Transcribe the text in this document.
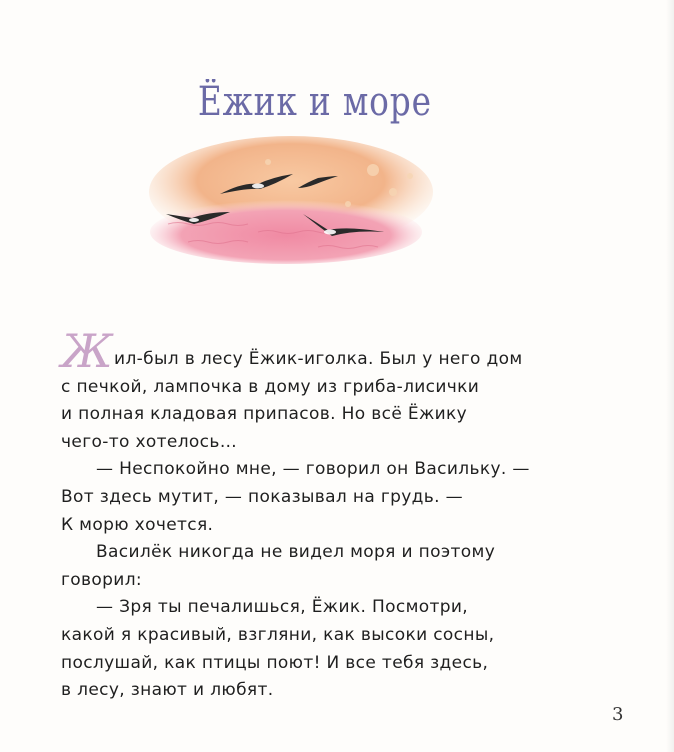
Ёжик и море
Жил-был в лесу Ёжик-иголка. Был у него дом
с печкой, лампочка в дому из гриба-лисички
и полная кладовая припасов. Но всё Ёжику
чего-то хотелось…
— Неспокойно мне, — говорил он Васильку. —
Вот здесь мутит, — показывал на грудь. —
К морю хочется.
Василёк никогда не видел моря и поэтому
говорил:
— Зря ты печалишься, Ёжик. Посмотри,
какой я красивый, взгляни, как высоки сосны,
послушай, как птицы поют! И все тебя здесь,
в лесу, знают и любят.
3
